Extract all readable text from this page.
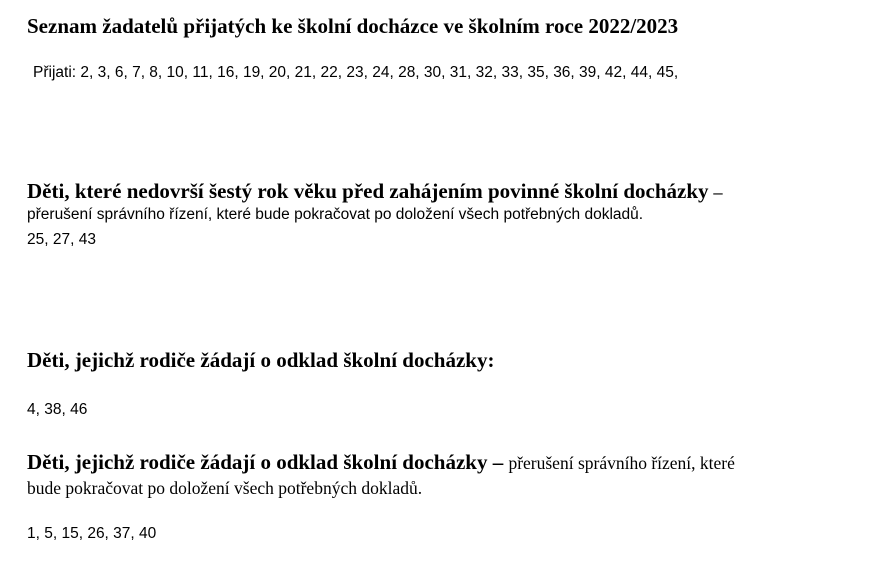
Seznam žadatelů přijatých ke školní docházce ve školním roce 2022/2023
Přijati: 2, 3, 6, 7, 8, 10, 11, 16, 19, 20, 21, 22, 23, 24, 28, 30, 31, 32, 33, 35, 36, 39, 42, 44, 45,
Děti, které nedovrší šestý rok věku před zahájením povinné školní docházky –
přerušení správního řízení, které bude pokračovat po doložení všech potřebných dokladů.
25, 27, 43
Děti, jejichž rodiče žádají o odklad školní docházky:
4, 38, 46
Děti, jejichž rodiče žádají o odklad školní docházky – přerušení správního řízení, které
bude pokračovat po doložení všech potřebných dokladů.
1, 5, 15, 26, 37, 40
